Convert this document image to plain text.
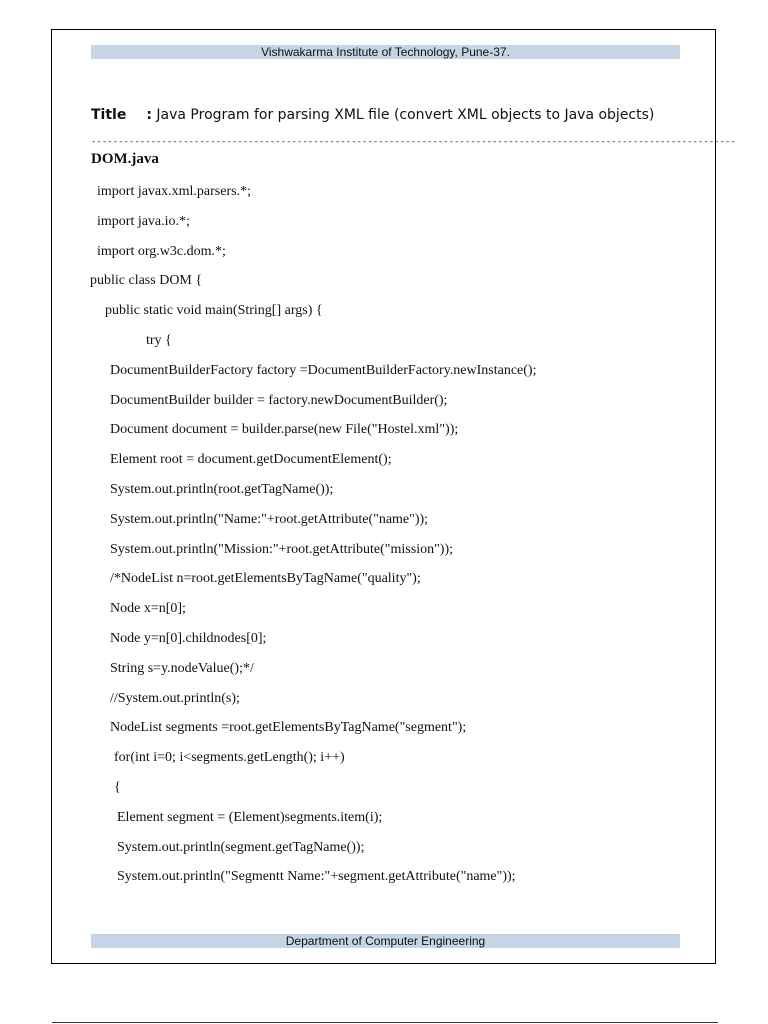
Vishwakarma Institute of Technology, Pune-37.
Title : Java Program for parsing XML file (convert XML objects to Java objects)
-----------------------------------------------------------------------------------------------------------------------
DOM.java
import javax.xml.parsers.*;
import java.io.*;
import org.w3c.dom.*;
public class DOM {
public static void main(String[] args) {
try {
DocumentBuilderFactory factory =DocumentBuilderFactory.newInstance();
DocumentBuilder builder = factory.newDocumentBuilder();
Document document = builder.parse(new File("Hostel.xml"));
Element root = document.getDocumentElement();
System.out.println(root.getTagName());
System.out.println("Name:"+root.getAttribute("name"));
System.out.println("Mission:"+root.getAttribute("mission"));
/*NodeList n=root.getElementsByTagName("quality");
Node x=n[0];
Node y=n[0].childnodes[0];
String s=y.nodeValue();*/
//System.out.println(s);
NodeList segments =root.getElementsByTagName("segment");
for(int i=0; i<segments.getLength(); i++)
{
Element segment = (Element)segments.item(i);
System.out.println(segment.getTagName());
System.out.println("Segmentt Name:"+segment.getAttribute("name"));
Department of Computer Engineering
